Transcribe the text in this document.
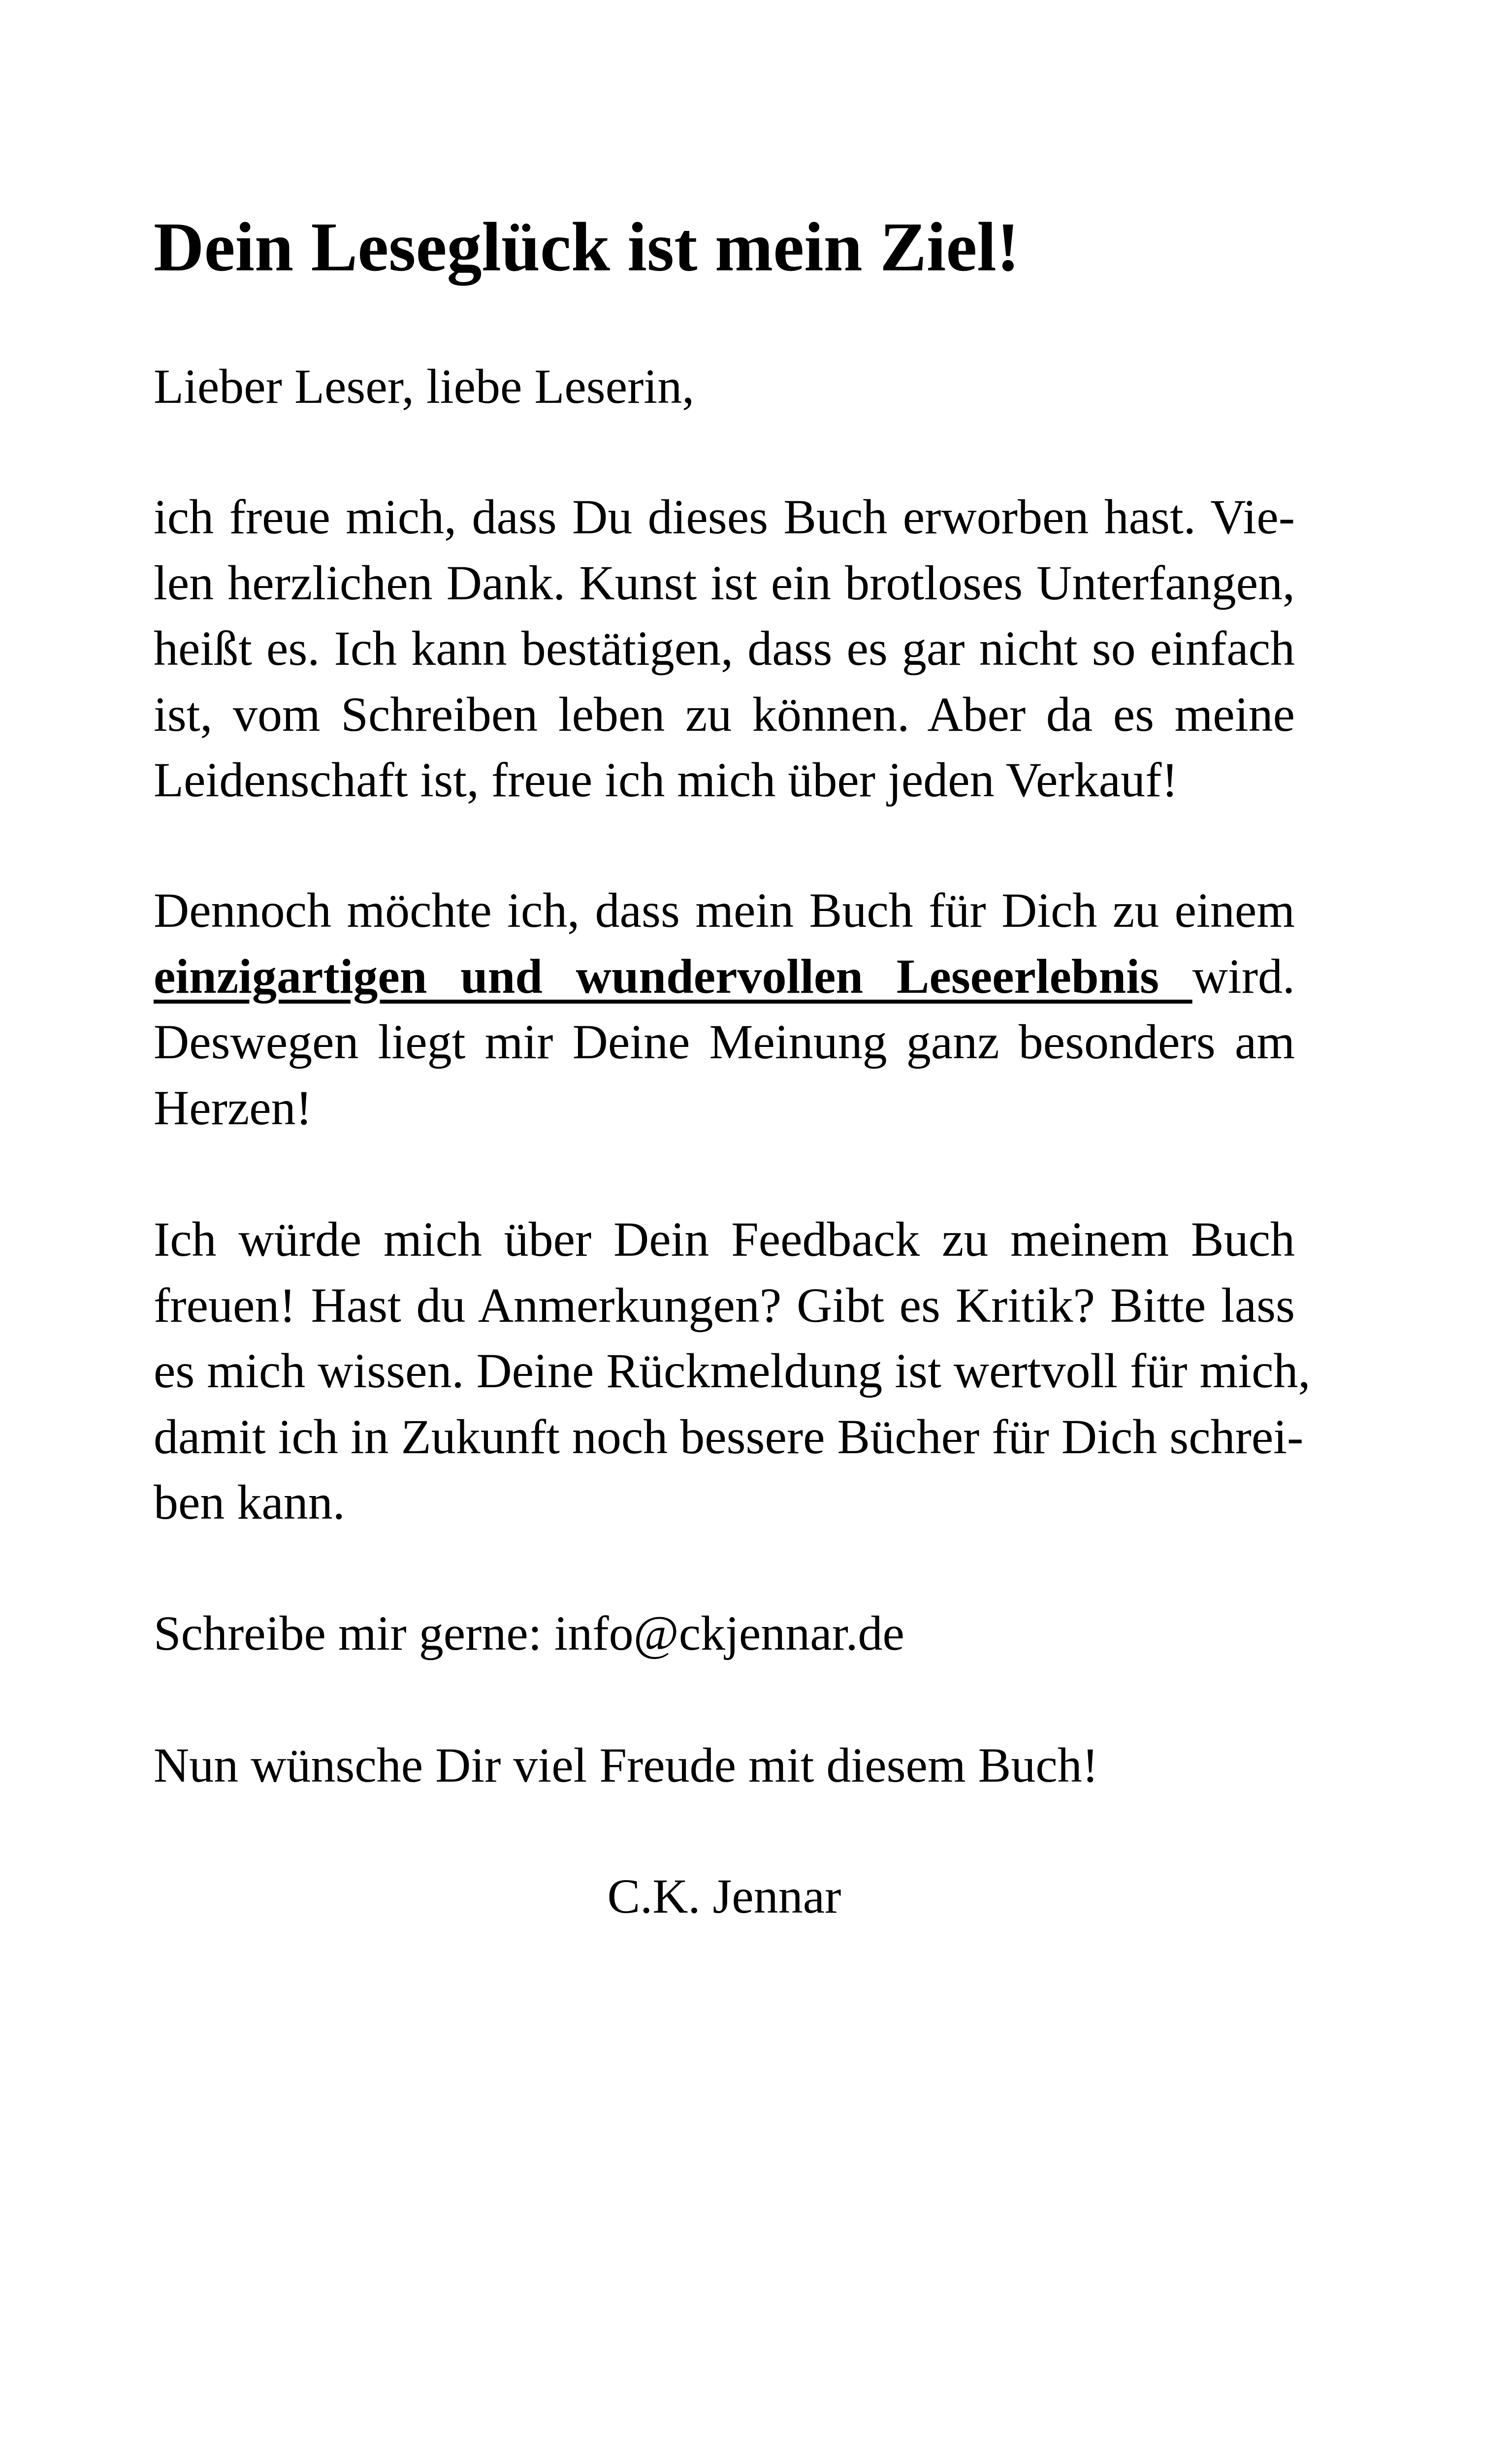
Dein Leseglück ist mein Ziel!

Lieber Leser, liebe Leserin,

ich freue mich, dass Du dieses Buch erworben hast. Vie-
len herzlichen Dank. Kunst ist ein brotloses Unterfangen,
heißt es. Ich kann bestätigen, dass es gar nicht so einfach
ist, vom Schreiben leben zu können. Aber da es meine
Leidenschaft ist, freue ich mich über jeden Verkauf!

Dennoch möchte ich, dass mein Buch für Dich zu einem
einzigartigen und wundervollen Leseerlebnis wird.
Deswegen liegt mir Deine Meinung ganz besonders am
Herzen!

Ich würde mich über Dein Feedback zu meinem Buch
freuen! Hast du Anmerkungen? Gibt es Kritik? Bitte lass
es mich wissen. Deine Rückmeldung ist wertvoll für mich,
damit ich in Zukunft noch bessere Bücher für Dich schrei-
ben kann.

Schreibe mir gerne: info@ckjennar.de

Nun wünsche Dir viel Freude mit diesem Buch!

C.K. Jennar
